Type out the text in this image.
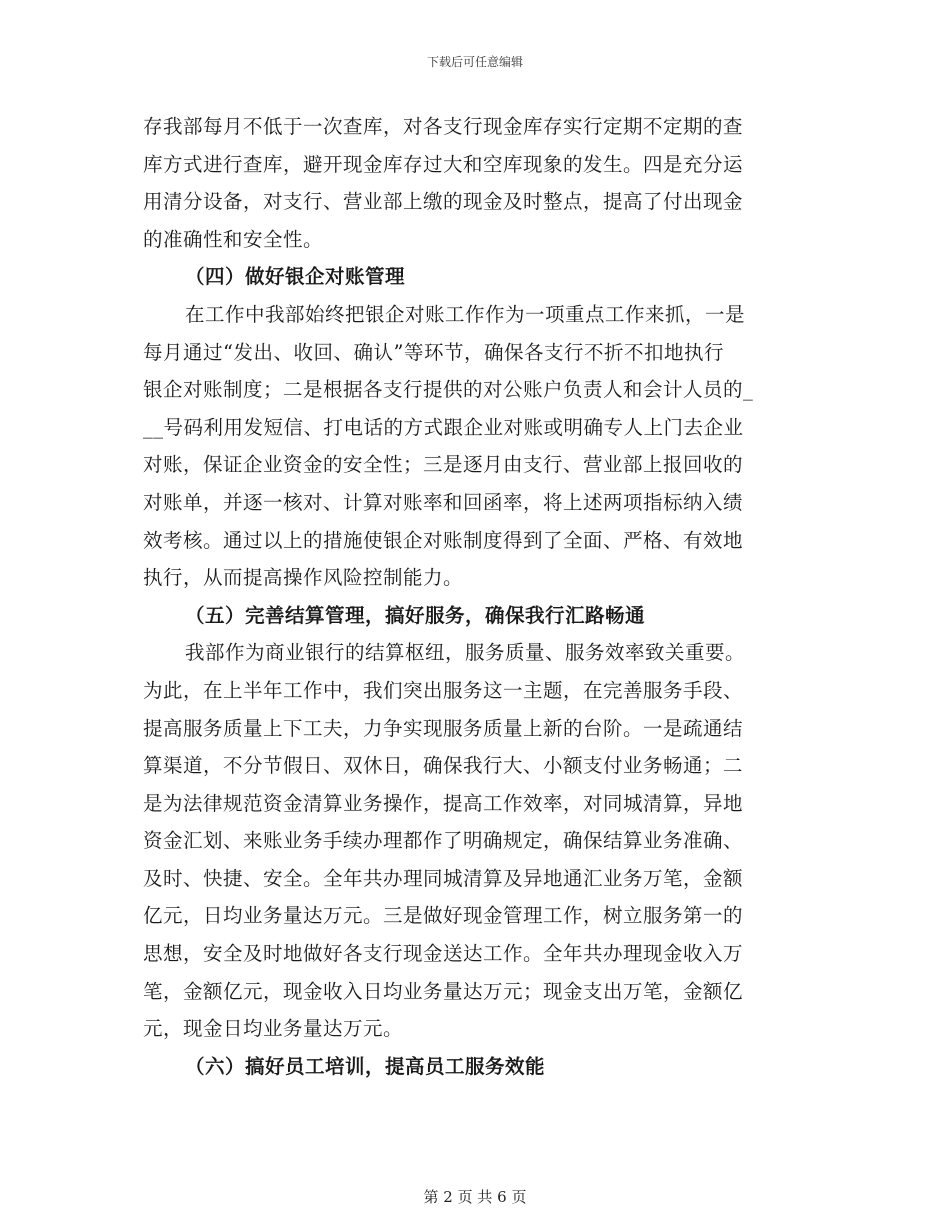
下载后可任意编辑
存我部每月不低于一次查库，对各支行现金库存实行定期不定期的查
库方式进行查库，避开现金库存过大和空库现象的发生。四是充分运
用清分设备，对支行、营业部上缴的现金及时整点，提高了付出现金
的准确性和安全性。
（四）做好银企对账管理
在工作中我部始终把银企对账工作作为一项重点工作来抓，一是
每月通过“发出、收回、确认”等环节，确保各支行不折不扣地执行
银企对账制度；二是根据各支行提供的对公账户负责人和会计人员的_
__号码利用发短信、打电话的方式跟企业对账或明确专人上门去企业
对账，保证企业资金的安全性；三是逐月由支行、营业部上报回收的
对账单，并逐一核对、计算对账率和回函率，将上述两项指标纳入绩
效考核。通过以上的措施使银企对账制度得到了全面、严格、有效地
执行，从而提高操作风险控制能力。
（五）完善结算管理，搞好服务，确保我行汇路畅通
我部作为商业银行的结算枢纽，服务质量、服务效率致关重要。
为此，在上半年工作中，我们突出服务这一主题，在完善服务手段、
提高服务质量上下工夫，力争实现服务质量上新的台阶。一是疏通结
算渠道，不分节假日、双休日，确保我行大、小额支付业务畅通；二
是为法律规范资金清算业务操作，提高工作效率，对同城清算，异地
资金汇划、来账业务手续办理都作了明确规定，确保结算业务准确、
及时、快捷、安全。全年共办理同城清算及异地通汇业务万笔，金额
亿元，日均业务量达万元。三是做好现金管理工作，树立服务第一的
思想，安全及时地做好各支行现金送达工作。全年共办理现金收入万
笔，金额亿元，现金收入日均业务量达万元；现金支出万笔，金额亿
元，现金日均业务量达万元。
（六）搞好员工培训，提高员工服务效能
第 2 页 共 6 页
